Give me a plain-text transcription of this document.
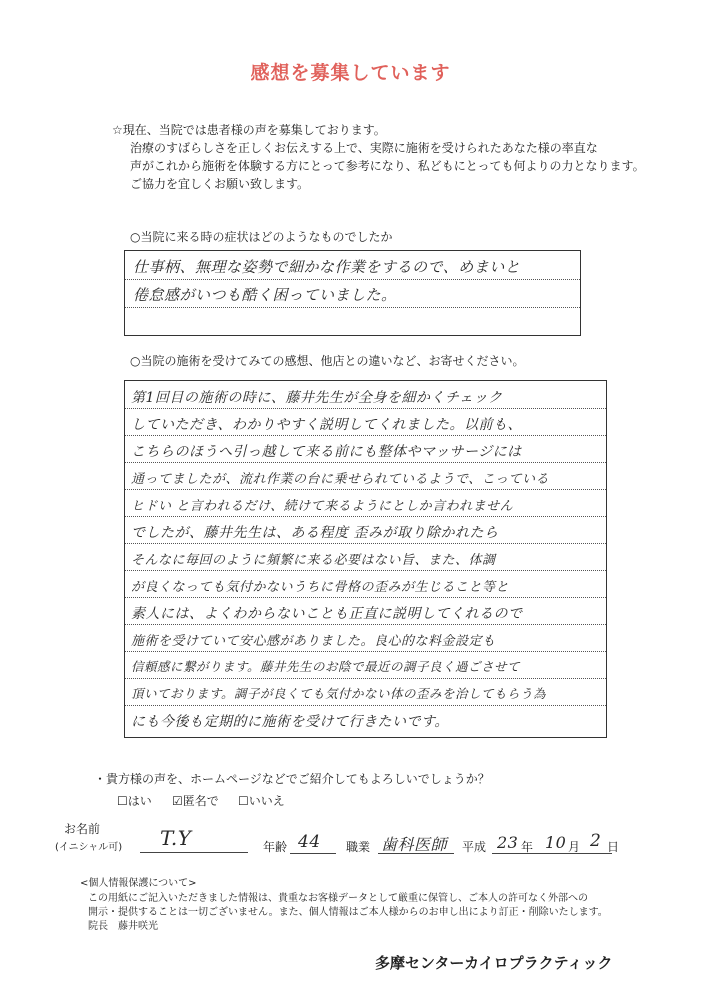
感想を募集しています
☆現在、当院では患者様の声を募集しております。
治療のすばらしさを正しくお伝えする上で、実際に施術を受けられたあなた様の率直な
声がこれから施術を体験する方にとって参考になり、私どもにとっても何よりの力となります。
ご協力を宜しくお願い致します。
○当院に来る時の症状はどのようなものでしたか
仕事柄、無理な姿勢で細かな作業をするので、めまいと
倦怠感がいつも酷く困っていました。
○当院の施術を受けてみての感想、他店との違いなど、お寄せください。
第1回目の施術の時に、藤井先生が全身を細かくチェック
していただき、わかりやすく説明してくれました。以前も、
こちらのほうへ引っ越して来る前にも整体やマッサージには
通ってましたが、流れ作業の台に乗せられているようで、こっている
ヒドい と言われるだけ、続けて来るようにとしか言われません
でしたが、藤井先生は、ある程度 歪みが取り除かれたら
そんなに毎回のように頻繁に来る必要はない旨、また、体調
が良くなっても気付かないうちに骨格の歪みが生じること等と
素人には、よくわからないことも正直に説明してくれるので
施術を受けていて安心感がありました。良心的な料金設定も
信頼感に繋がります。藤井先生のお陰で最近の調子良く過ごさせて
頂いております。調子が良くても気付かない体の歪みを治してもらう為
にも今後も定期的に施術を受けて行きたいです。
・貴方様の声を、ホームページなどでご紹介してもよろしいでしょうか？
☐はい ☑匿名で ☐いいえ
お名前
(イニシャル可) T.Y	年齢 44 職業 歯科医師 平成 23 年 10 月 2 日
<個人情報保護について>
この用紙にご記入いただきました情報は、貴重なお客様データとして厳重に保管し、ご本人の許可なく外部への
開示・提供することは一切ございません。また、個人情報はご本人様からのお申し出により訂正・削除いたします。
院長　藤井咲光
多摩センターカイロプラクティック
